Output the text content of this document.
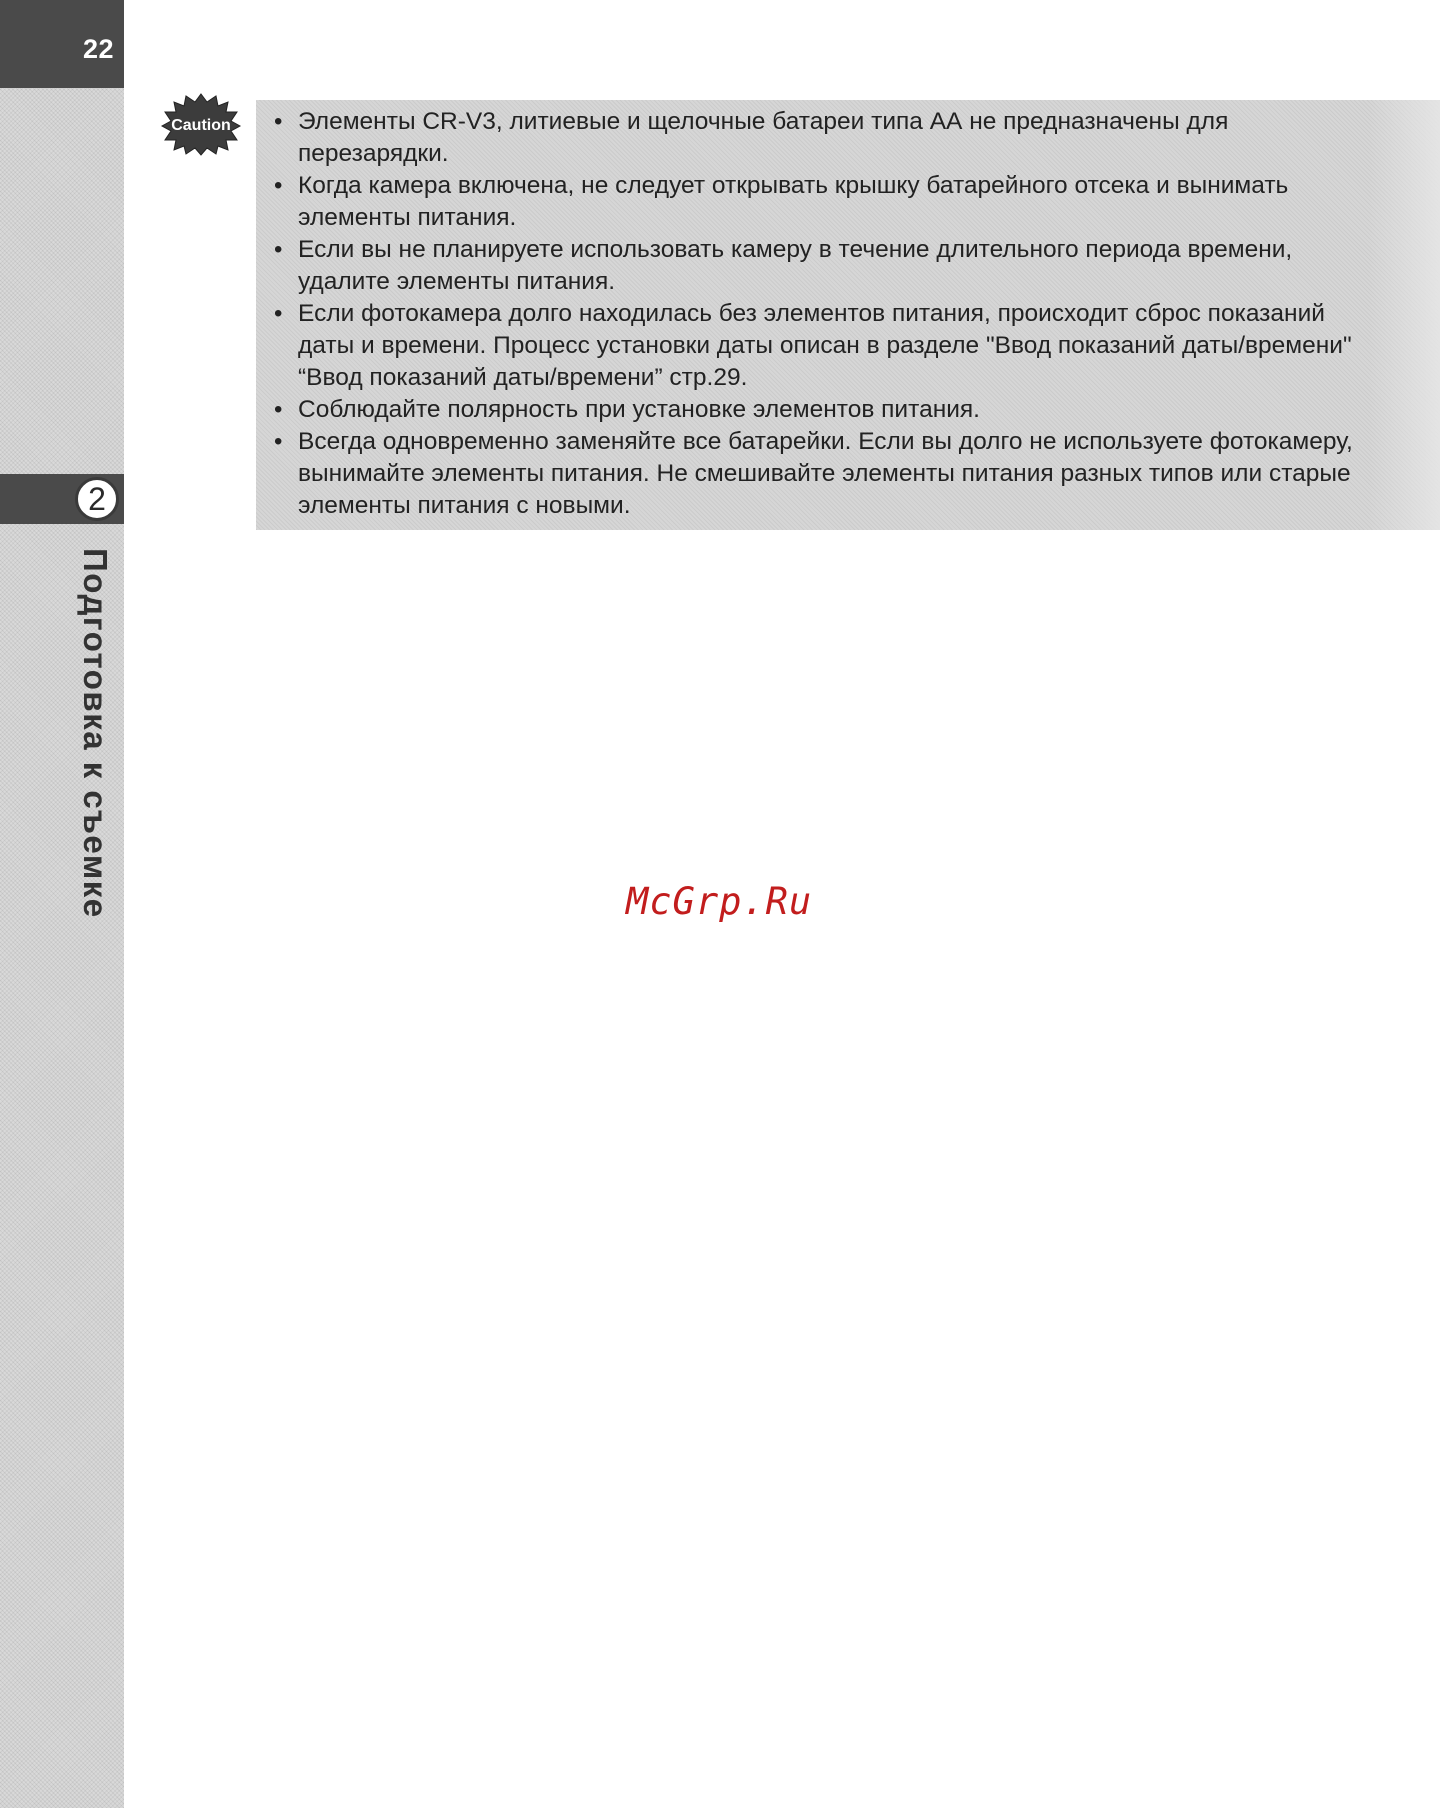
22
2
Подготовка к съемке
Caution
•	Элементы CR-V3, литиевые и щелочные батареи типа АА не предназначены для перезарядки.
• Когда камера включена, не следует открывать крышку батарейного отсека и вынимать элементы питания.
• Если вы не планируете использовать камеру в течение длительного периода времени, удалите элементы питания.
• Если фотокамера долго находилась без элементов питания, происходит сброс показаний даты и времени. Процесс установки даты описан в разделе "Ввод показаний даты/времени" “Ввод показаний даты/времени” стр.29.
• Соблюдайте полярность при установке элементов питания.
• Всегда одновременно заменяйте все батарейки. Если вы долго не используете фотокамеру, вынимайте элементы питания. Не смешивайте элементы питания разных типов или старые элементы питания с новыми.
McGrp.Ru
